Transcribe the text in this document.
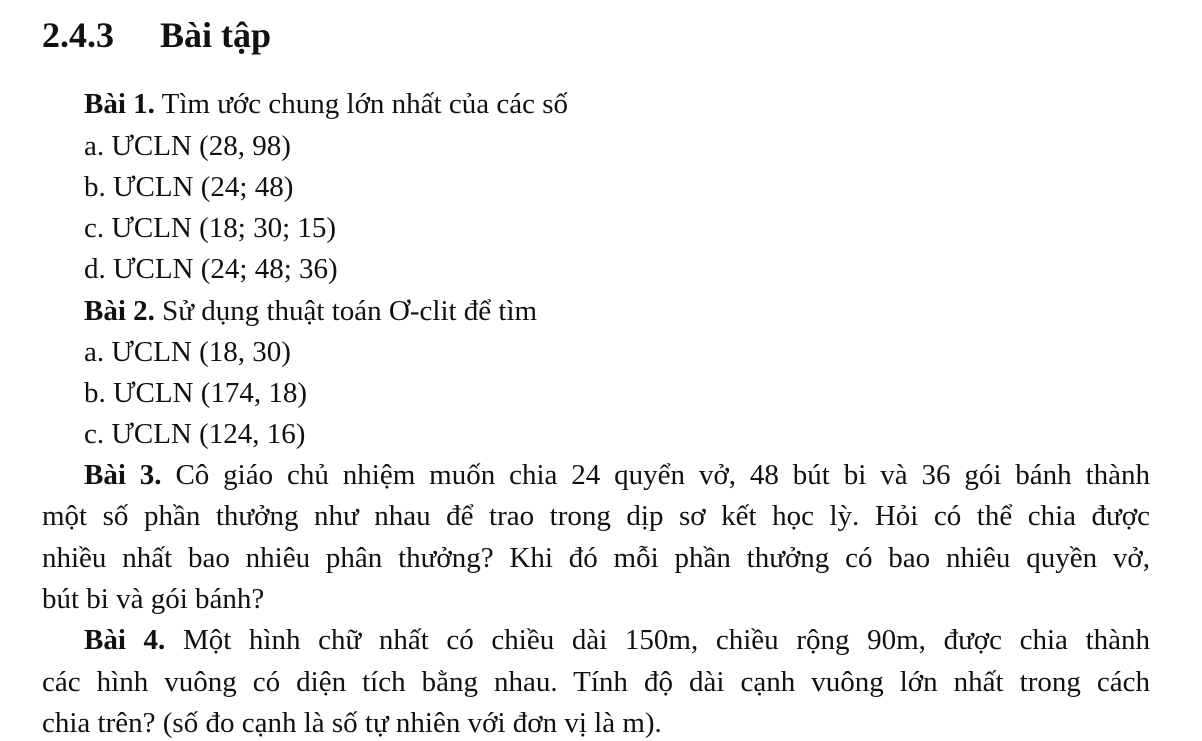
2.4.3 Bài tập
Bài 1. Tìm ước chung lớn nhất của các số
a. ƯCLN (28, 98)
b. ƯCLN (24; 48)
c. ƯCLN (18; 30; 15)
d. ƯCLN (24; 48; 36)
Bài 2. Sử dụng thuật toán Ơ-clit để tìm
a. ƯCLN (18, 30)
b. ƯCLN (174, 18)
c. ƯCLN (124, 16)
Bài 3. Cô giáo chủ nhiệm muốn chia 24 quyển vở, 48 bút bi và 36 gói bánh thành
một số phần thưởng như nhau để trao trong dịp sơ kết học lỳ. Hỏi có thể chia được
nhiều nhất bao nhiêu phân thưởng? Khi đó mỗi phần thưởng có bao nhiêu quyền vở,
bút bi và gói bánh?
Bài 4. Một hình chữ nhất có chiều dài 150m, chiều rộng 90m, được chia thành
các hình vuông có diện tích bằng nhau. Tính độ dài cạnh vuông lớn nhất trong cách
chia trên? (số đo cạnh là số tự nhiên với đơn vị là m).
